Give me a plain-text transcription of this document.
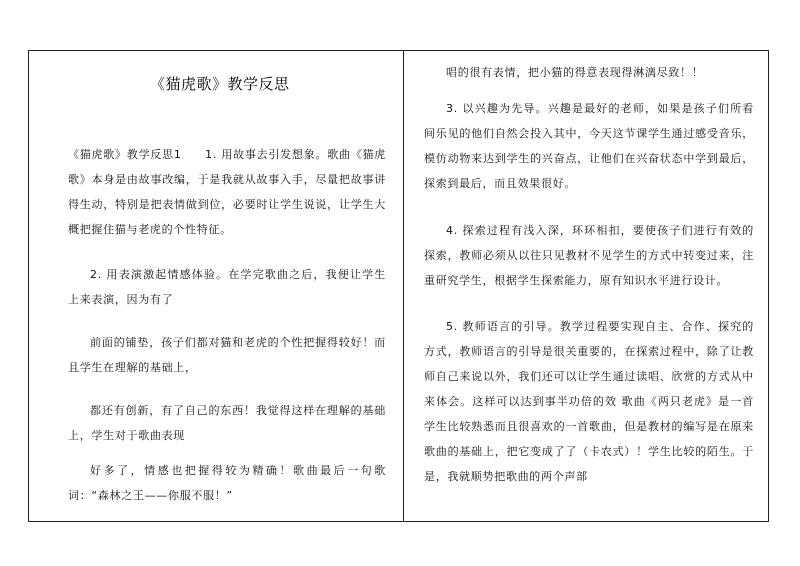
《猫虎歌》教学反思

《猫虎歌》教学反思1　　1. 用故事去引发想象。歌曲《猫虎歌》本身是由故事改编，于是我就从故事入手，尽量把故事讲得生动，特别是把表情做到位，必要时让学生说说，让学生大概把握住猫与老虎的个性特征。

2. 用表演激起情感体验。在学完歌曲之后，我便让学生上来表演，因为有了

前面的铺垫，孩子们都对猫和老虎的个性把握得较好！而且学生在理解的基础上，

都还有创新，有了自己的东西！我觉得这样在理解的基础上，学生对于歌曲表现

好多了，情感也把握得较为精确！歌曲最后一句歌词：“森林之王——你服不服！”

唱的很有表情，把小猫的得意表现得淋漓尽致！！

3. 以兴趣为先导。兴趣是最好的老师，如果是孩子们所看间乐见的他们自然会投入其中，今天这节课学生通过感受音乐，模仿动物来达到学生的兴奋点，让他们在兴奋状态中学到最后，探索到最后，而且效果很好。

4. 探索过程有浅入深，环环相扣，要使孩子们进行有效的探索，教师必须从以往只见教材不见学生的方式中转变过来，注重研究学生，根据学生探索能力，原有知识水平进行设计。

5. 教师语言的引导。教学过程要实现自主、合作、探究的方式，教师语言的引导是很关重要的，在探索过程中，除了让教师自己来说以外，我们还可以让学生通过读唱、欣赏的方式从中来体会。这样可以达到事半功倍的效 歌曲《两只老虎》是一首学生比较熟悉而且很喜欢的一首歌曲，但是教材的编写是在原来歌曲的基础上，把它变成了了（卡农式）！学生比较的陌生。于是，我就顺势把歌曲的两个声部
